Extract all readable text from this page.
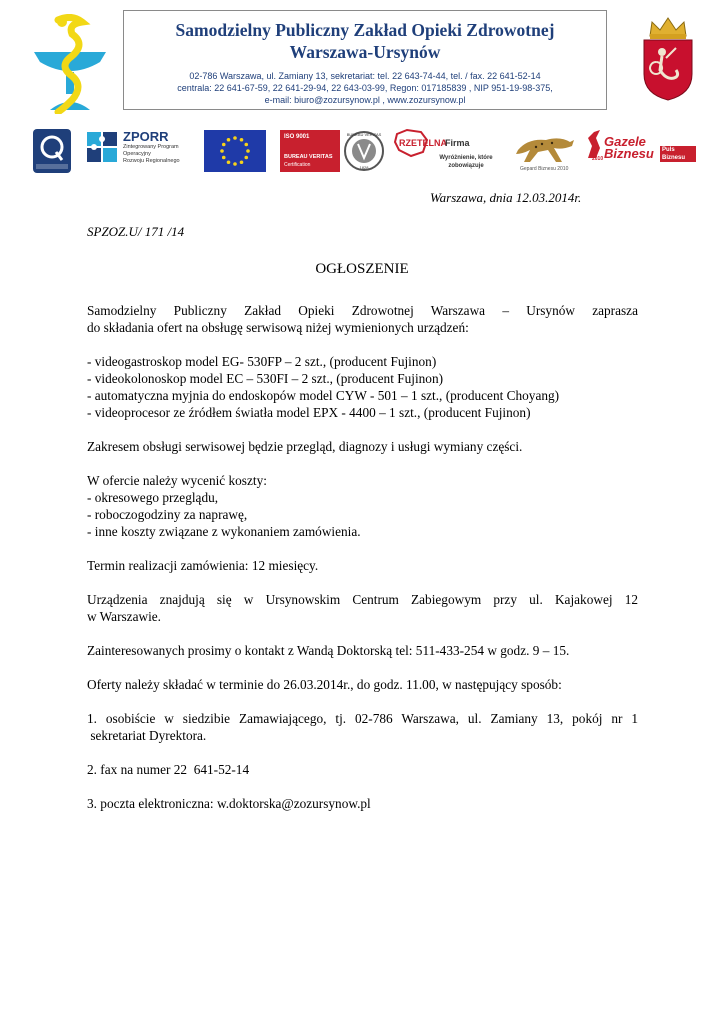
Samodzielny Publiczny Zakład Opieki Zdrowotnej
Warszawa-Ursynów
02-786 Warszawa, ul. Zamiany 13, sekretariat: tel. 22 643-74-44, tel. / fax. 22 641-52-14
centrala: 22 641-67-59, 22 641-29-94, 22 643-03-99, Regon: 017185839 , NIP 951-19-98-375,
e-mail: biuro@zozursynow.pl , www.zozursynow.pl
ZPORR
Zintegrowany Program
Operacyjny
Rozwoju Regionalnego
ISO 9001
BUREAU VERITAS
Certification
BUREAU VERITAS
1828
RZETELNA
Firma
Wyróżnienie, które
zobowiązuje	Gepard Biznesu 2010
2010
Gazele
Biznesu	Puls
Biznesu
Warszawa, dnia 12.03.2014r.
SPZOZ.U/ 171 /14
OGŁOSZENIE

Samodzielny Publiczny Zakład Opieki Zdrowotnej Warszawa – Ursynów zaprasza

do składania ofert na obsługę serwisową niżej wymienionych urządzeń:

- videogastroskop model EG- 530FP – 2 szt., (producent Fujinon)
- videokolonoskop model EC – 530FI – 2 szt., (producent Fujinon)
- automatyczna myjnia do endoskopów model CYW - 501 – 1 szt., (producent Choyang)
- videoprocesor ze źródłem światła model EPX - 4400 – 1 szt., (producent Fujinon)

Zakresem obsługi serwisowej będzie przegląd, diagnozy i usługi wymiany części.

W ofercie należy wycenić koszty:

- okresowego przeglądu,
- roboczogodziny za naprawę,
- inne koszty związane z wykonaniem zamówienia.

Termin realizacji zamówienia: 12 miesięcy.

Urządzenia znajdują się w Ursynowskim Centrum Zabiegowym przy ul. Kajakowej 12

w Warszawie.

Zainteresowanych prosimy o kontakt z Wandą Doktorską tel: 511-433-254 w godz. 9 – 15.

Oferty należy składać w terminie do 26.03.2014r., do godz. 11.00, w następujący sposób:

1. osobiście w siedzibie Zamawiającego, tj. 02-786 Warszawa, ul. Zamiany 13, pokój nr 1

sekretariat Dyrektora.

2. fax na numer 22  641-52-14

3. poczta elektroniczna: w.doktorska@zozursynow.pl
